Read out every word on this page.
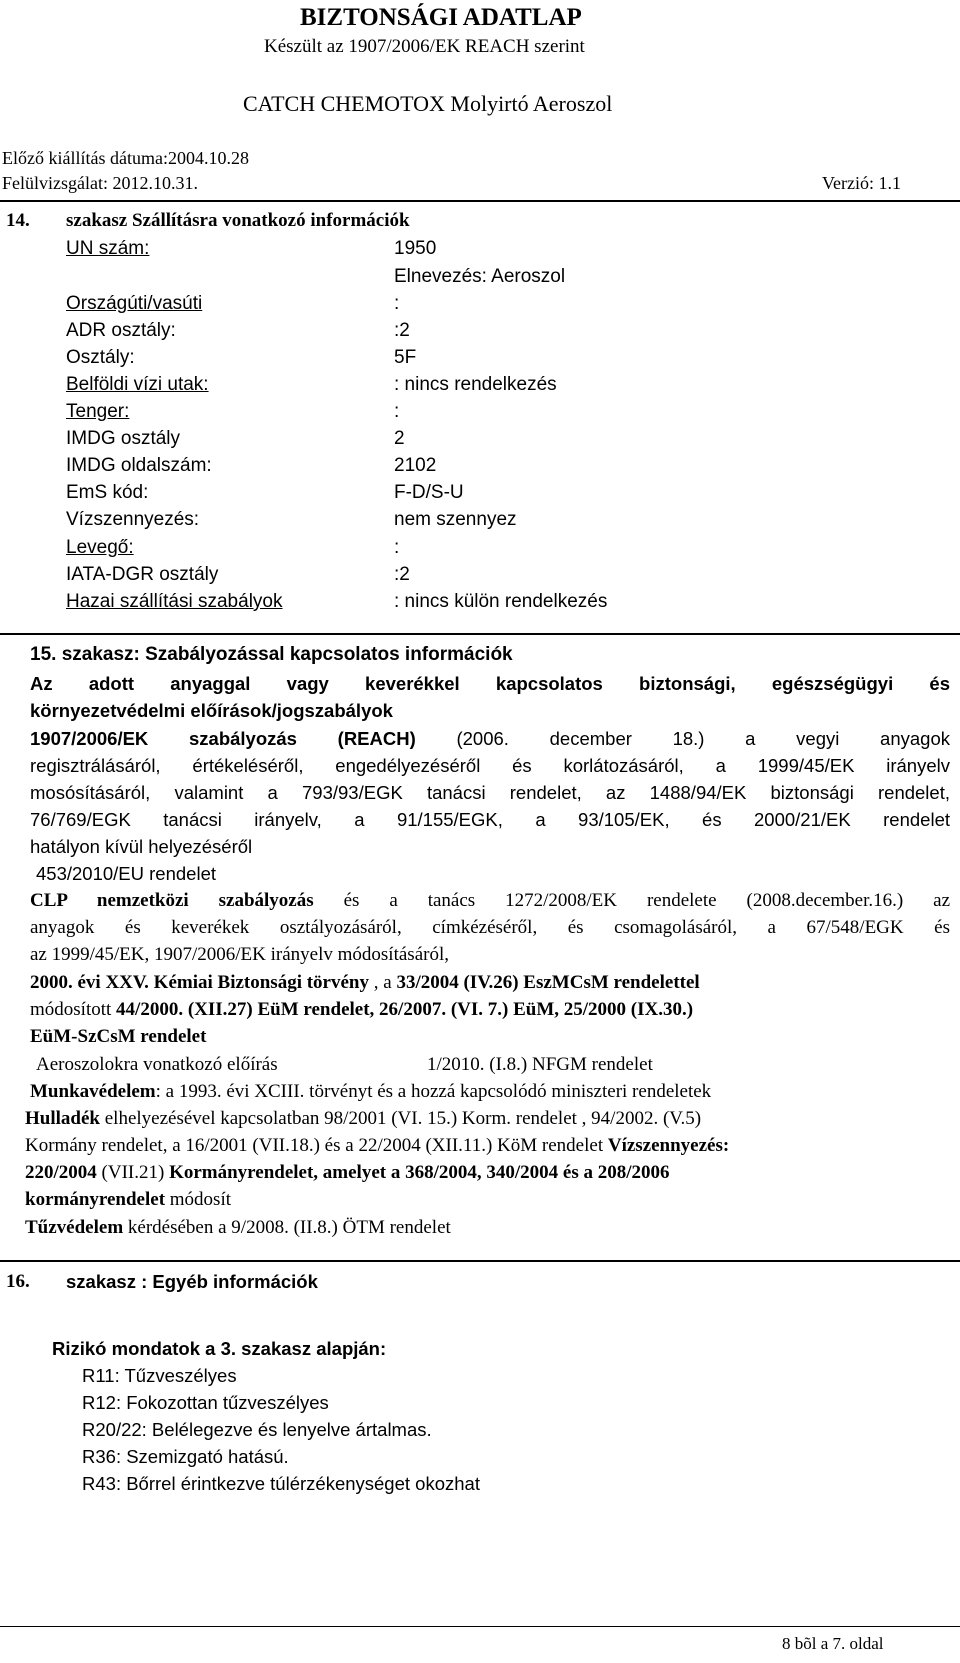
BIZTONSÁGI ADATLAP
Készült az 1907/2006/EK REACH szerint
CATCH CHEMOTOX Molyirtó Aeroszol
Előző kiállítás dátuma:2004.10.28
Felülvizsgálat: 2012.10.31.	Verzió: 1.1
14. szakasz Szállításra vonatkozó információk
UN szám:	1950
Elnevezés: Aeroszol
Országúti/vasúti	:
ADR osztály:	:2
Osztály:	5F
Belföldi vízi utak:	: nincs rendelkezés
Tenger:	:
IMDG osztály	2
IMDG oldalszám:	2102
EmS kód:	F-D/S-U
Vízszennyezés:	nem szennyez
Levegő:	:
IATA-DGR osztály	:2
Hazai szállítási szabályok	: nincs külön rendelkezés
15. szakasz: Szabályozással kapcsolatos információk
Az adott anyaggal vagy keverékkel kapcsolatos biztonsági, egészségügyi és
környezetvédelmi előírások/jogszabályok
1907/2006/EK szabályozás (REACH) (2006. december 18.) a vegyi anyagok
regisztrálásáról, értékeléséről, engedélyezéséről és korlátozásáról, a 1999/45/EK irányelv
mosósításáról, valamint a 793/93/EGK tanácsi rendelet, az 1488/94/EK biztonsági rendelet,
76/769/EGK tanácsi irányelv, a 91/155/EGK, a 93/105/EK, és 2000/21/EK rendelet
hatályon kívül helyezéséről
453/2010/EU rendelet
CLP nemzetközi szabályozás és a tanács 1272/2008/EK rendelete (2008.december.16.) az
anyagok és keverékek osztályozásáról, címkézéséről, és csomagolásáról, a 67/548/EGK és
az 1999/45/EK, 1907/2006/EK irányelv módosításáról,
2000. évi XXV. Kémiai Biztonsági törvény , a 33/2004 (IV.26) EszMCsM rendelettel
módosított 44/2000. (XII.27) EüM rendelet, 26/2007. (VI. 7.) EüM, 25/2000 (IX.30.)
EüM-SzCsM rendelet
Aeroszolokra vonatkozó előírás	1/2010. (I.8.) NFGM rendelet
Munkavédelem: a 1993. évi XCIII. törvényt és a hozzá kapcsolódó miniszteri rendeletek
Hulladék elhelyezésével kapcsolatban 98/2001 (VI. 15.) Korm. rendelet , 94/2002. (V.5)
Kormány rendelet, a 16/2001 (VII.18.) és a 22/2004 (XII.11.) KöM rendelet Vízszennyezés:
220/2004 (VII.21) Kormányrendelet, amelyet a 368/2004, 340/2004 és a 208/2006
kormányrendelet módosít
Tűzvédelem kérdésében a 9/2008. (II.8.) ÖTM rendelet
16. szakasz : Egyéb információk
Rizikó mondatok a 3. szakasz alapján:
R11: Tűzveszélyes
R12: Fokozottan tűzveszélyes
R20/22: Belélegezve és lenyelve ártalmas.
R36: Szemizgató hatású.
R43: Bőrrel érintkezve túlérzékenységet okozhat
8 bõl a 7. oldal
